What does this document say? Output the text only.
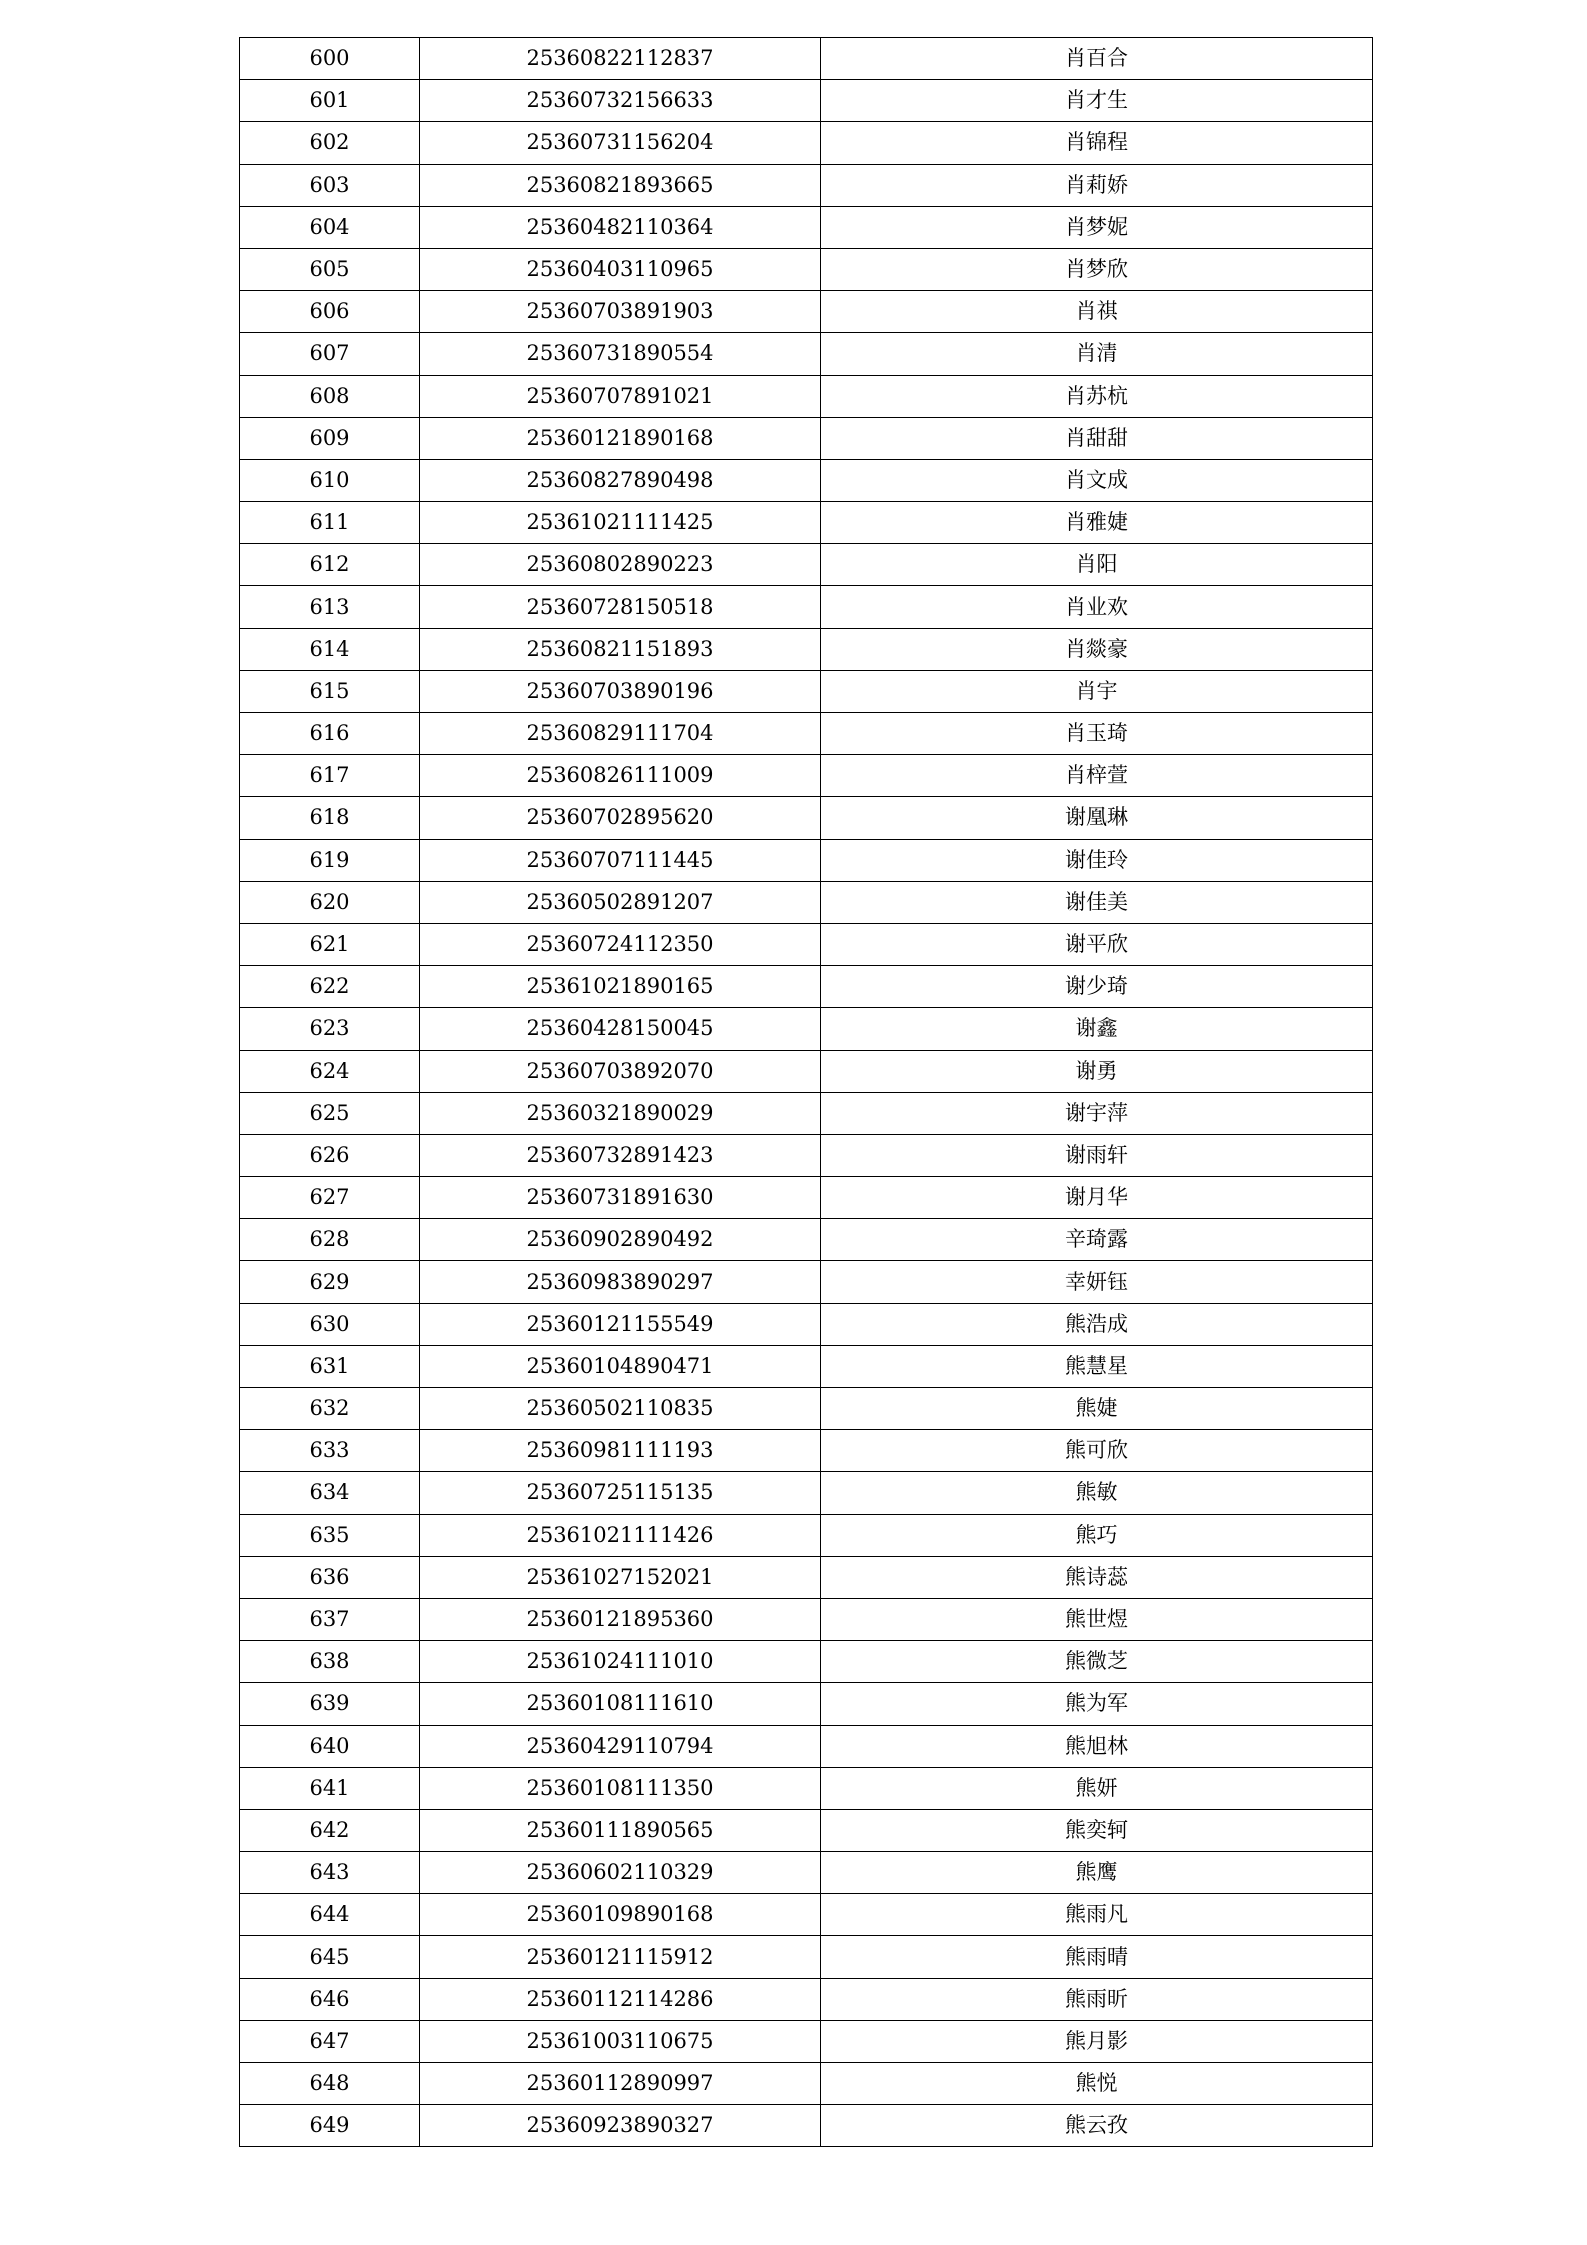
600	25360822112837	肖百合
601	25360732156633	肖才生
602	25360731156204	肖锦程
603	25360821893665	肖莉娇
604	25360482110364	肖梦妮
605	25360403110965	肖梦欣
606	25360703891903	肖祺
607	25360731890554	肖清
608	25360707891021	肖苏杭
609	25360121890168	肖甜甜
610	25360827890498	肖文成
611	25361021111425	肖雅婕
612	25360802890223	肖阳
613	25360728150518	肖业欢
614	25360821151893	肖燚豪
615	25360703890196	肖宇
616	25360829111704	肖玉琦
617	25360826111009	肖梓萱
618	25360702895620	谢凰琳
619	25360707111445	谢佳玲
620	25360502891207	谢佳美
621	25360724112350	谢平欣
622	25361021890165	谢少琦
623	25360428150045	谢鑫
624	25360703892070	谢勇
625	25360321890029	谢宇萍
626	25360732891423	谢雨轩
627	25360731891630	谢月华
628	25360902890492	辛琦露
629	25360983890297	幸妍钰
630	25360121155549	熊浩成
631	25360104890471	熊慧星
632	25360502110835	熊婕
633	25360981111193	熊可欣
634	25360725115135	熊敏
635	25361021111426	熊巧
636	25361027152021	熊诗蕊
637	25360121895360	熊世煜
638	25361024111010	熊微芝
639	25360108111610	熊为军
640	25360429110794	熊旭林
641	25360108111350	熊妍
642	25360111890565	熊奕轲
643	25360602110329	熊鹰
644	25360109890168	熊雨凡
645	25360121115912	熊雨晴
646	25360112114286	熊雨昕
647	25361003110675	熊月影
648	25360112890997	熊悦
649	25360923890327	熊云孜
